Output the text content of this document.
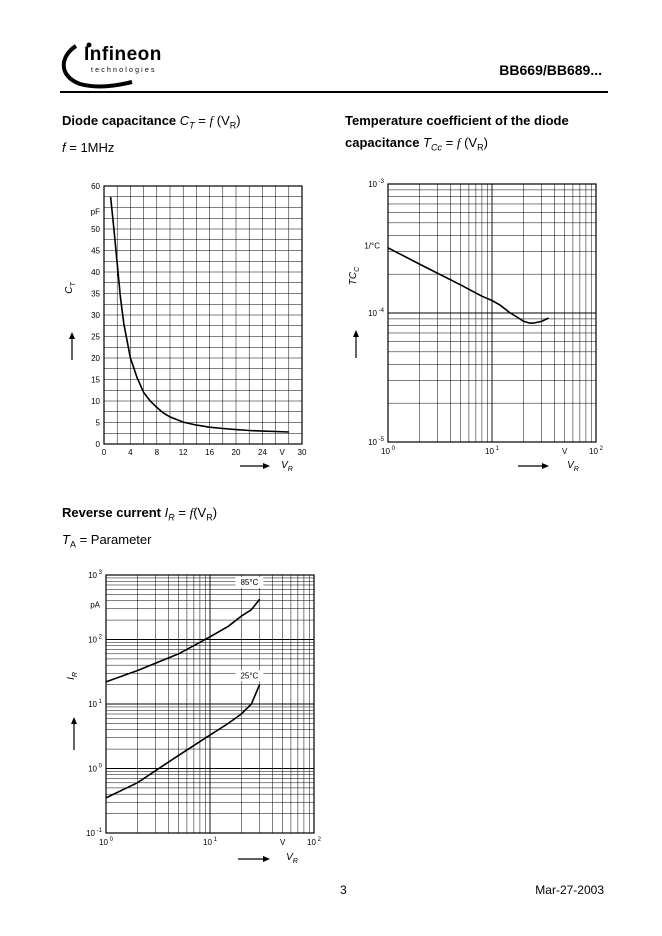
Infineon
technologies	BB669/BB689...
Diode capacitance $C_T = f$ $(V_R)$
f = 1MHz
Temperature coefficient of the diode
capacitance $T_{Cc} = f$ $(V_R)$
Reverse current $I_R = f(V_R)$
$T_A$ = Parameter
0
5
10
15
20
25
30
35
40
45
50
pF
60
0	4	8 12 16 20 24 V 30
$C_T$
$V_R$
10 $^{-5}$
10 $^{-4}$
1/°C
10 $^{-3}$
10 $^0$	10 $^1$	V	10 $^2$
$TC_C$
$V_R$
10 $^{-1}$
10 $^0$
10 $^1$
10 $^2$
pA
10 $^3$
10 $^0$	10 $^1$	V	10 $^2$
85°C
25°C
$I_R$
$V_R$
3	Mar-27-2003
